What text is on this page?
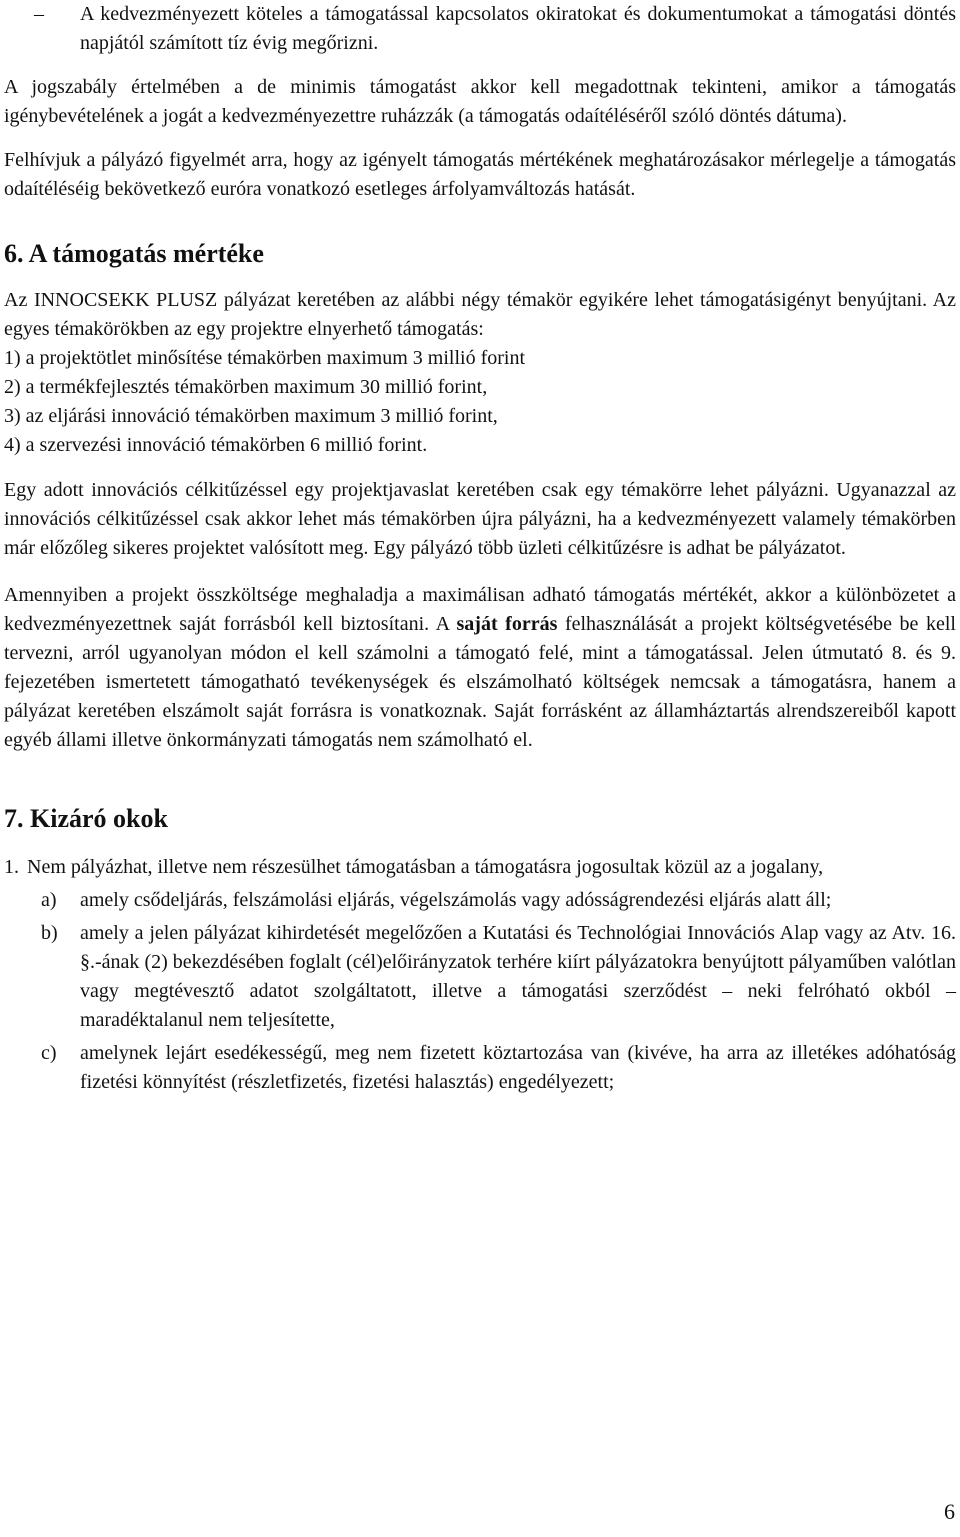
– A kedvezményezett köteles a támogatással kapcsolatos okiratokat és dokumentumokat a támogatási döntés napjától számított tíz évig megőrizni.

A jogszabály értelmében a de minimis támogatást akkor kell megadottnak tekinteni, amikor a támogatás igénybevételének a jogát a kedvezményezettre ruházzák (a támogatás odaítéléséről szóló döntés dátuma).

Felhívjuk a pályázó figyelmét arra, hogy az igényelt támogatás mértékének meghatározásakor mérlegelje a támogatás odaítéléséig bekövetkező euróra vonatkozó esetleges árfolyamváltozás hatását.

6. A támogatás mértéke

Az INNOCSEKK PLUSZ pályázat keretében az alábbi négy témakör egyikére lehet támogatásigényt benyújtani. Az egyes témakörökben az egy projektre elnyerhető támogatás:

1) a projektötlet minősítése témakörben maximum 3 millió forint

2) a termékfejlesztés témakörben maximum 30 millió forint,

3) az eljárási innováció témakörben maximum 3 millió forint,

4) a szervezési innováció témakörben 6 millió forint.

Egy adott innovációs célkitűzéssel egy projektjavaslat keretében csak egy témakörre lehet pályázni. Ugyanazzal az innovációs célkitűzéssel csak akkor lehet más témakörben újra pályázni, ha a kedvezményezett valamely témakörben már előzőleg sikeres projektet valósított meg. Egy pályázó több üzleti célkitűzésre is adhat be pályázatot.

Amennyiben a projekt összköltsége meghaladja a maximálisan adható támogatás mértékét, akkor a különbözetet a kedvezményezettnek saját forrásból kell biztosítani. A saját forrás felhasználását a projekt költségvetésébe be kell tervezni, arról ugyanolyan módon el kell számolni a támogató felé, mint a támogatással. Jelen útmutató 8. és 9. fejezetében ismertetett támogatható tevékenységek és elszámolható költségek nemcsak a támogatásra, hanem a pályázat keretében elszámolt saját forrásra is vonatkoznak. Saját forrásként az államháztartás alrendszereiből kapott egyéb állami illetve önkormányzati támogatás nem számolható el.

7. Kizáró okok

1. Nem pályázhat, illetve nem részesülhet támogatásban a támogatásra jogosultak közül az a jogalany,

a) amely csődeljárás, felszámolási eljárás, végelszámolás vagy adósságrendezési eljárás alatt áll;

b) amely a jelen pályázat kihirdetését megelőzően a Kutatási és Technológiai Innovációs Alap vagy az Atv. 16. §.-ának (2) bekezdésében foglalt (cél)előirányzatok terhére kiírt pályázatokra benyújtott pályaműben valótlan vagy megtévesztő adatot szolgáltatott, illetve a támogatási szerződést – neki felróható okból – maradéktalanul nem teljesítette,

c) amelynek lejárt esedékességű, meg nem fizetett köztartozása van (kivéve, ha arra az illetékes adóhatóság fizetési könnyítést (részletfizetés, fizetési halasztás) engedélyezett;

6
